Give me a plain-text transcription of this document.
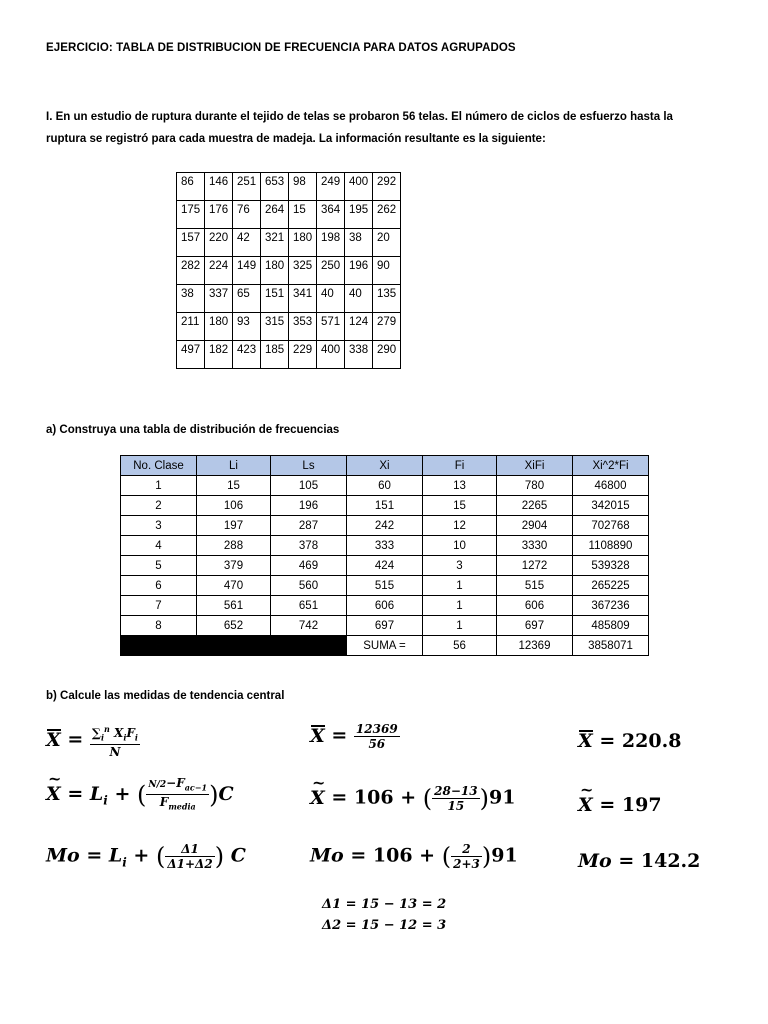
EJERCICIO: TABLA DE DISTRIBUCION DE FRECUENCIA PARA DATOS AGRUPADOS
I. En un estudio de ruptura durante el tejido de telas se probaron 56 telas. El número de ciclos de esfuerzo hasta la
ruptura se registró para cada muestra de madeja. La información resultante es la siguiente:
86	146	251	653	98	249	400	292
175	176	76	264	15	364	195	262
157	220	42	321	180	198	38	20
282	224	149	180	325	250	196	90
38	337	65	151	341	40	40	135
211	180	93	315	353	571	124	279
497	182	423	185	229	400	338	290
a) Construya una tabla de distribución de frecuencias
No. Clase	Li	Ls	Xi	Fi	XiFi	Xi^2*Fi
1	15	105	60	13	780	46800
2	106	196	151	15	2265	342015
3	197	287	242	12	2904	702768
4	288	378	333	10	3330	1108890
5	379	469	424	3	1272	539328
6	470	560	515	1	515	265225
7	561	651	606	1	606	367236
8	652	742	697	1	697	485809
			SUMA =	56	12369	3858071
b) Calcule las medidas de tendencia central
$X = \frac{\sum_i^n X_iF_i}{N}$	$X = \frac{12369}{56}$	X = 220.8
~ $X = L_i$ + ( $\frac{N/2-F_{ac-1}}{F_{media}} )C$	~ X = 106 + ( $\frac{28-13}{15} )91$	~ X = 197
$Mo = L_i$ + ( $\frac{\Delta 1}{\Delta 1+\Delta 2}$ ) C	Mo = 106 + ( $\frac{2}{2+3} )91$	Mo = 142.2
Δ1 = 15 − 13 = 2
Δ2 = 15 − 12 = 3
